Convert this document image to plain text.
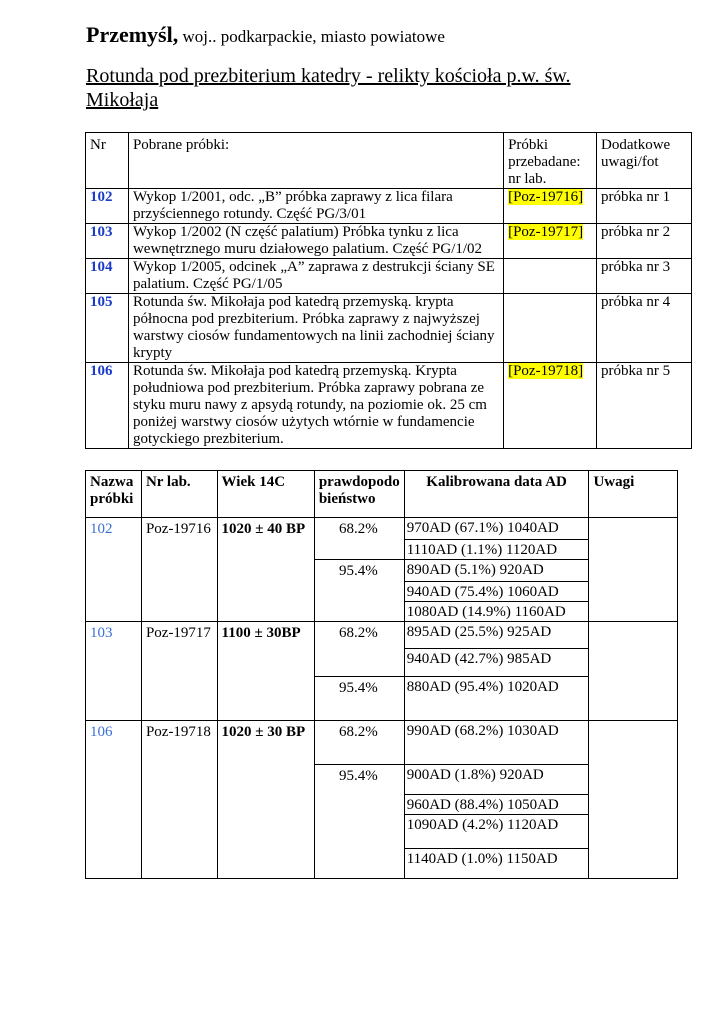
Przemyśl, woj.. podkarpackie, miasto powiatowe
Rotunda pod prezbiterium katedry - relikty kościoła p.w. św.
Mikołaja
Nr	Pobrane próbki:	Próbki
przebadane:
nr lab.	Dodatkowe
uwagi/fot
102	Wykop 1/2001, odc. „B” próbka zaprawy z lica filara
przyściennego rotundy. Część PG/3/01	[Poz-19716]	próbka nr 1
103	Wykop 1/2002 (N część palatium) Próbka tynku z lica
wewnętrznego muru działowego palatium. Część PG/1/02	[Poz-19717]	próbka nr 2
104	Wykop 1/2005, odcinek „A” zaprawa z destrukcji ściany SE
palatium. Część PG/1/05		próbka nr 3
105	Rotunda św. Mikołaja pod katedrą przemyską. krypta
północna pod prezbiterium. Próbka zaprawy z najwyższej
warstwy ciosów fundamentowych na linii zachodniej ściany
krypty		próbka nr 4
106	Rotunda św. Mikołaja pod katedrą przemyską. Krypta
południowa pod prezbiterium. Próbka zaprawy pobrana ze
styku muru nawy z apsydą rotundy, na poziomie ok. 25 cm
poniżej warstwy ciosów użytych wtórnie w fundamencie
gotyckiego prezbiterium.	[Poz-19718]	próbka nr 5
Nazwa
próbki	Nr lab.	Wiek 14C	prawdopodo
bieństwo	Kalibrowana data AD	Uwagi
102	Poz-19716	1020 ± 40 BP	68.2%	970AD (67.1%) 1040AD	
				1110AD (1.1%) 1120AD	
			95.4%	890AD (5.1%) 920AD	
				940AD (75.4%) 1060AD	
				1080AD (14.9%) 1160AD	
103	Poz-19717	1100 ± 30BP	68.2%	895AD (25.5%) 925AD	
				940AD (42.7%) 985AD	
			95.4%	880AD (95.4%) 1020AD	
106	Poz-19718	1020 ± 30 BP	68.2%	990AD (68.2%) 1030AD	
			95.4%	900AD (1.8%) 920AD	
				960AD (88.4%) 1050AD	
				1090AD (4.2%) 1120AD	
				1140AD (1.0%) 1150AD	
